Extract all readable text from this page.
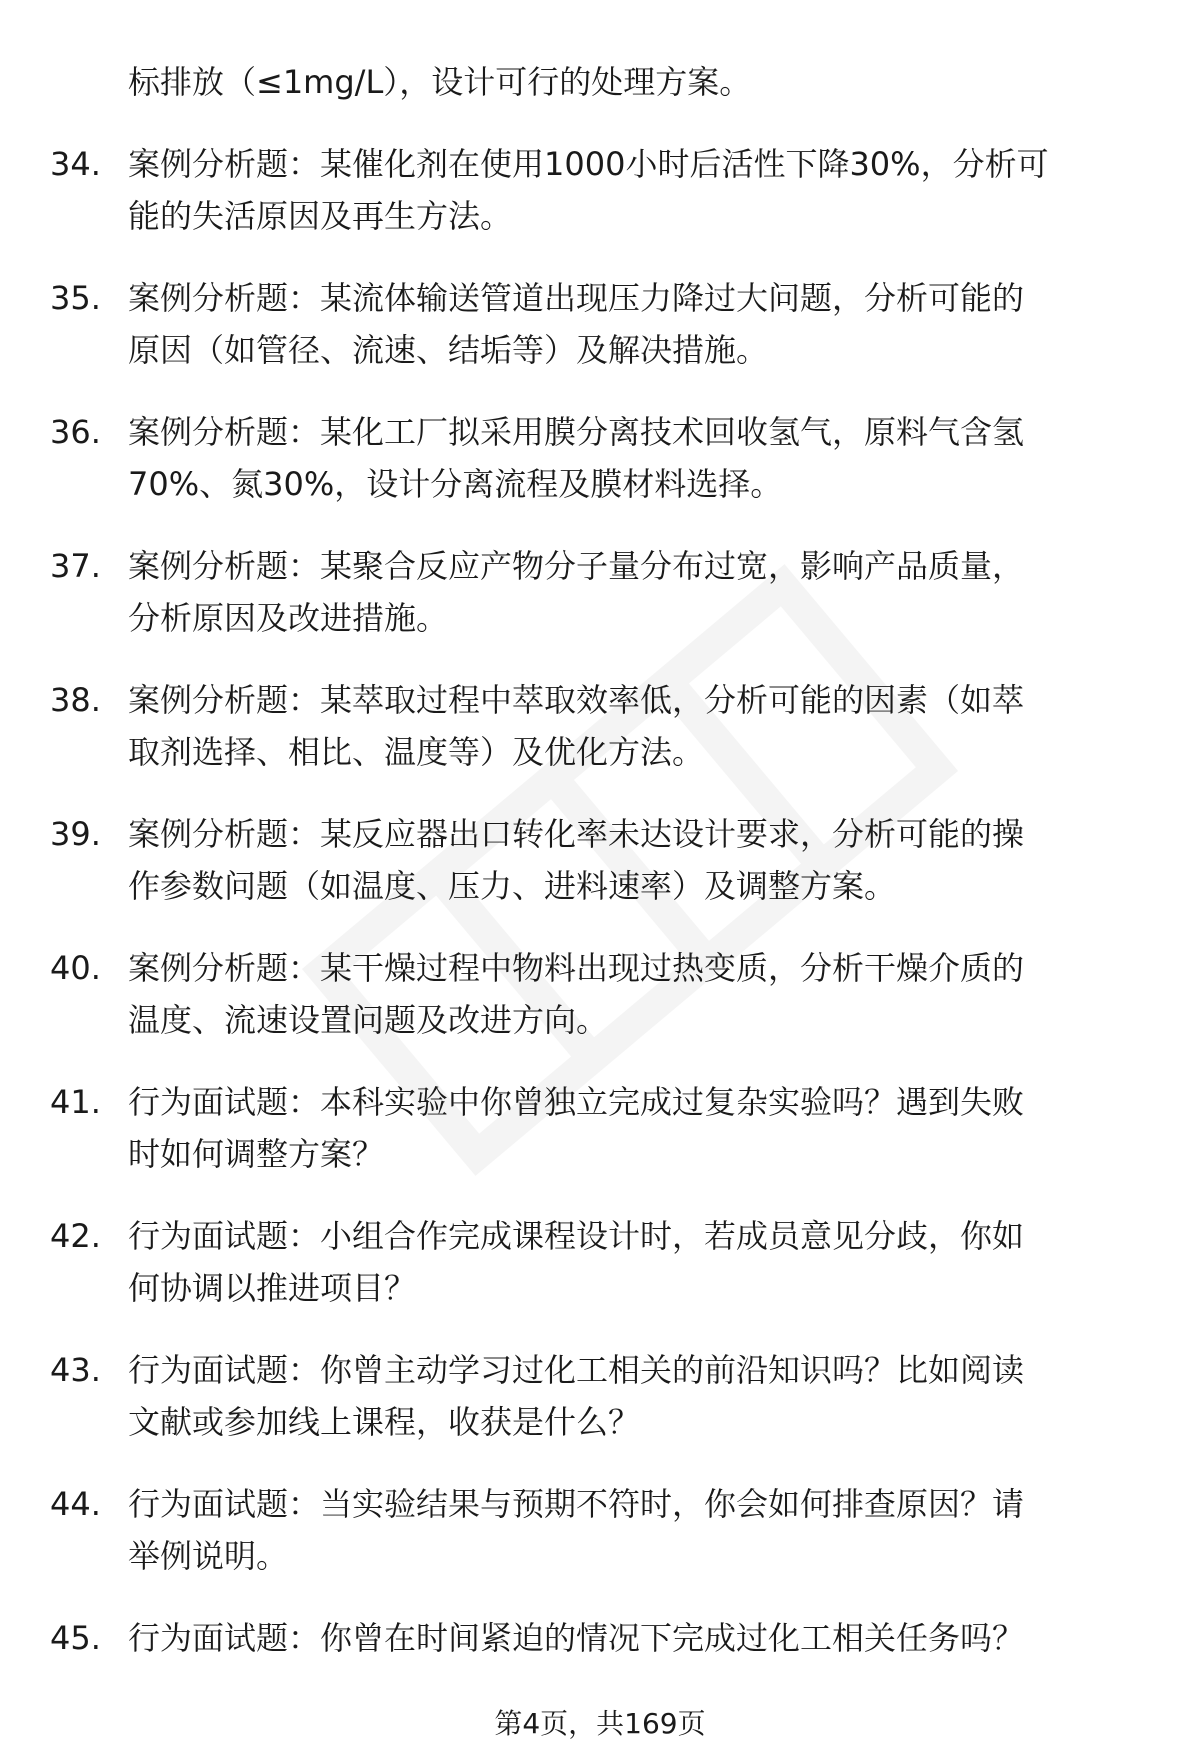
标排放（≤1mg/L），设计可行的处理方案。
34. 案例分析题：某催化剂在使用1000小时后活性下降30%，分析可
能的失活原因及再生方法。
35. 案例分析题：某流体输送管道出现压力降过大问题，分析可能的
原因（如管径、流速、结垢等）及解决措施。
36. 案例分析题：某化工厂拟采用膜分离技术回收氢气，原料气含氢
70%、氮30%，设计分离流程及膜材料选择。
37. 案例分析题：某聚合反应产物分子量分布过宽，影响产品质量，
分析原因及改进措施。
38. 案例分析题：某萃取过程中萃取效率低，分析可能的因素（如萃
取剂选择、相比、温度等）及优化方法。
39. 案例分析题：某反应器出口转化率未达设计要求，分析可能的操
作参数问题（如温度、压力、进料速率）及调整方案。
40. 案例分析题：某干燥过程中物料出现过热变质，分析干燥介质的
温度、流速设置问题及改进方向。
41. 行为面试题：本科实验中你曾独立完成过复杂实验吗？遇到失败
时如何调整方案？
42. 行为面试题：小组合作完成课程设计时，若成员意见分歧，你如
何协调以推进项目？
43. 行为面试题：你曾主动学习过化工相关的前沿知识吗？比如阅读
文献或参加线上课程，收获是什么？
44. 行为面试题：当实验结果与预期不符时，你会如何排查原因？请
举例说明。
45. 行为面试题：你曾在时间紧迫的情况下完成过化工相关任务吗？
第4页，共169页
